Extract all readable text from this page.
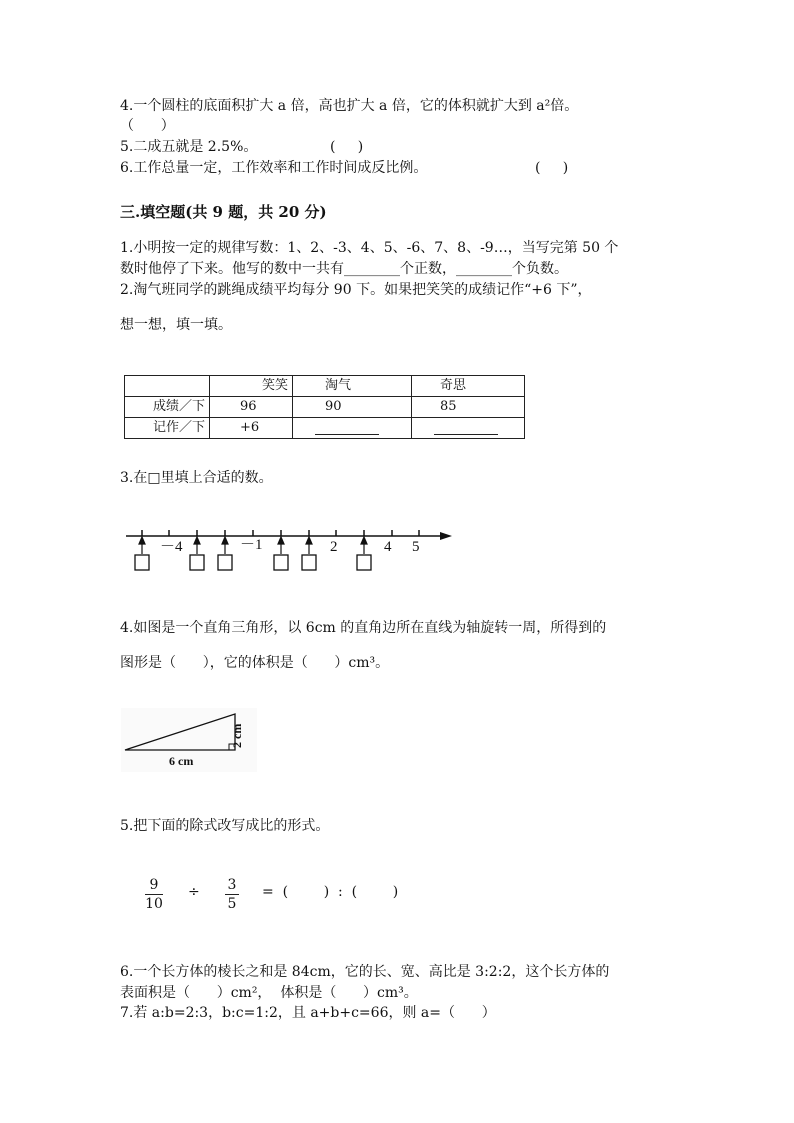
4.一个圆柱的底面积扩大 a 倍，高也扩大 a 倍，它的体积就扩大到 a²倍。
（      ）
5.二成五就是 2.5%。	(     )
6.工作总量一定，工作效率和工作时间成反比例。	(     )
三.填空题(共 9 题，共 20 分)
1.小明按一定的规律写数：1、2、-3、4、5、-6、7、8、-9…，当写完第 50 个
数时他停了下来。他写的数中一共有________个正数，________个负数。
2.淘气班同学的跳绳成绩平均每分 90 下。如果把笑笑的成绩记作“+6 下”，
想一想，填一填。
	笑笑	淘气	奇思
成绩／下	96	90	85
记作／下	+6		
3.在□里填上合适的数。
－4	－1	2	4 5
4.如图是一个直角三角形，以 6cm 的直角边所在直线为轴旋转一周，所得到的
图形是（      ），它的体积是（      ）cm³。
6 cm
2 cm
5.把下面的除式改写成比的形式。
9
10
÷ 3
5
=  (        )  :  (        )
6.一个长方体的棱长之和是 84cm，它的长、宽、高比是 3:2:2，这个长方体的
表面积是（      ）cm²，  体积是（      ）cm³。
7.若 a:b=2:3，b:c=1:2，且 a+b+c=66，则 a=（      ）
